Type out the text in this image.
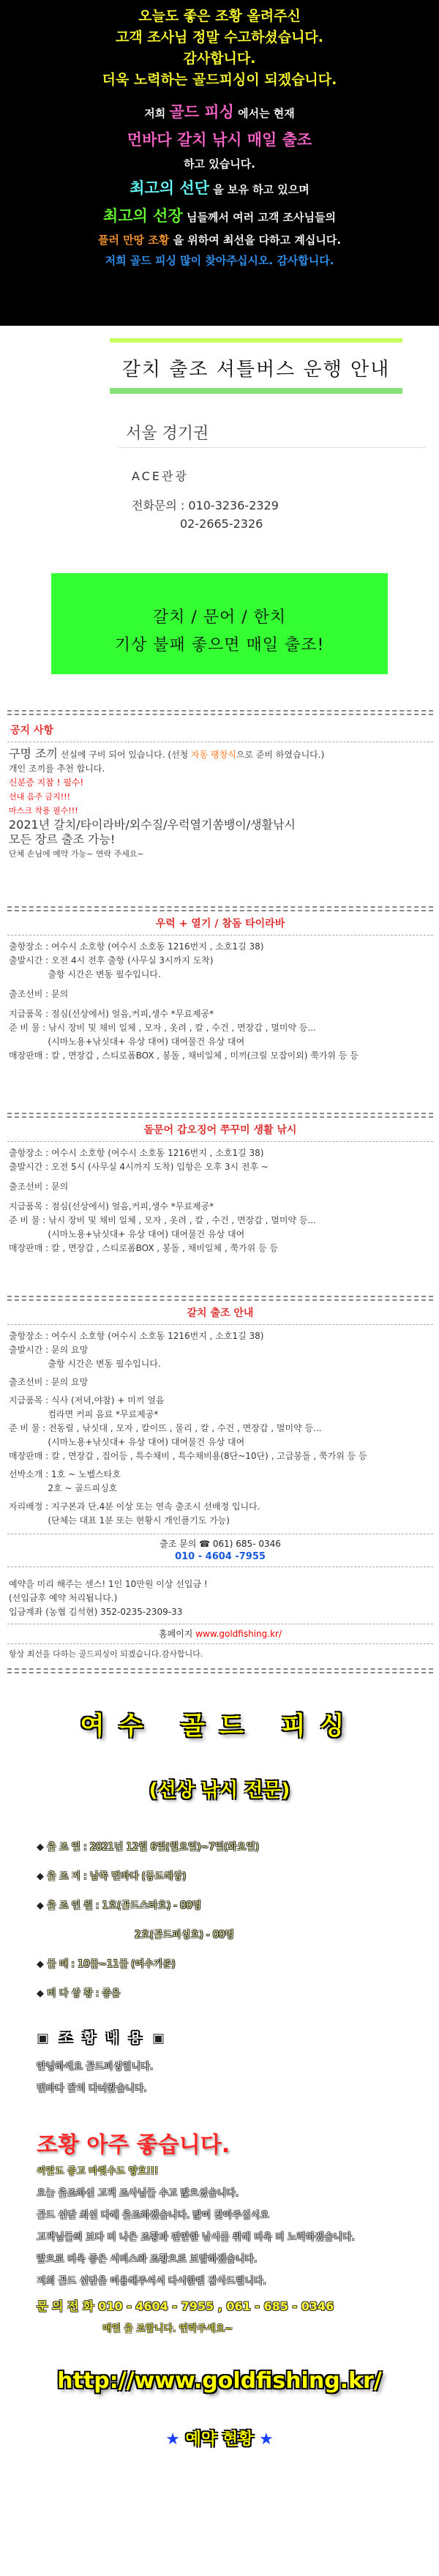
오늘도 좋은 조황 올려주신
고객 조사님 정말 수고하셨습니다.
감사합니다.
더욱 노력하는 골드피싱이 되겠습니다.
저희 골드 피싱 에서는 현재
먼바다 갈치 낚시 매일 출조
하고 있습니다.
최고의 선단 을 보유 하고 있으며
최고의 선장 님들께서 여러 고객 조사님들의
플러 만땅 조황 을 위하여 최선을 다하고 계십니다.
저희 골드 피싱 많이 찾아주십시오. 감사합니다.
갈치 출조 셔틀버스 운행 안내
서울 경기권
ACE관광
전화문의 : 010-3236-2329
02-2665-2326
갈치 / 문어 / 한치
기상 불패 좋으면 매일 출조!
공지 사항
구명 조끼 선실에 구비 되어 있습니다. (선청 자동 팽창식으로 준비 하였습니다.)
개인 조끼를 추천 합니다.
신분증 지참 ! 필수!
선내 음주 금지!!!
마스크 착용 필수!!!
2021년 갈치/타이라바/외수질/우럭열기쏨뱅이/생활낚시
모든 장르 출조 가능!
단체 손님에 예약 가능~ 연락 주세요~
우럭 + 열기 / 참돔 타이라바
출항장소 : 여수시 소호항 (여수시 소호동 1216번지 , 소호1길 38)
출발시간 : 오전 4시 전후 출항 (사무실 3시까지 도착)
출항 시간은 변동 필수입니다.
출조선비 : 문의
지급품목 : 점심(선상에서) 얼음,커피,생수 *무료제공*
준 비 물 : 낚시 장비 및 채비 일체 , 모자 , 옷려 , 칼 , 수건 , 면장갑 , 멀미약 등...
(시마노용+낚싯대+ 유상 대여) 대여물건 유상 대여
매장판매 : 칼 , 면장갑 , 스티로폼BOX , 봉돌 , 채비일체 , 미끼(크릴 모잡이외) 쭉가위 등 등
돌문어 갑오징어 쭈꾸미 생활 낚시
출항장소 : 여수시 소호항 (여수시 소호동 1216번지 , 소호1길 38)
출발시간 : 오전 5시 (사무실 4시까지 도착) 입항은 오후 3시 전후 ~
출조선비 : 문의
지급품목 : 점심(선상에서) 얼음,커피,생수 *무료제공*
준 비 물 : 낚시 장비 및 채비 일체 , 모자 , 옷려 , 칼 , 수건 , 면장갑 , 멀미약 등...
(시마노용+낚싯대+ 유상 대여) 대여물건 유상 대여
매장판매 : 칼 , 면장갑 , 스티로폼BOX , 봉돌 , 채비일체 , 쭉가위 등 등
갈치 출조 안내
출항장소 : 여수시 소호항 (여수시 소호동 1216번지 , 소호1길 38)
출발시간 : 문의 요망
출항 시간은 변동 필수입니다.
출조선비 : 문의 요망
지급품목 : 식사 (저녁,야참) + 미끼 얼음
컴라면 커피 음료 *무료제공*
준 비 물 : 전동릴 , 낚싯대 , 모자 , 칼이뜨 , 물리 , 칼 , 수건 , 면장갑 , 멀미약 등...
(시마노용+낚싯대+ 유상 대여) 대여물건 유상 대여
매장판매 : 칼 , 면장갑 , 집어등 , 특수채비 , 특수채비용(8단~10단) , 고급봉돌 , 쭉가위 등 등
선박소개 : 1호 ~ 노벨스타호
2호 ~ 골드피싱호
자리배정 : 지구본과 단.4분 이상 또는 연속 출조시 선배정 입니다.
(단체는 대표 1분 또는 현황시 개인플기도 가능)
출조 문의 ☎ 061) 685- 0346
010 - 4604 -7955
예약을 미리 해주는 센스! 1인 10만원 이상 선입금 !
(선입금후 예약 처리됩니다.)
입금계좌 (농협 김석현) 352-0235-2309-33
홈페이지 www.goldfishing.kr/
항상 최선을 다하는 골드피싱이 되겠습니다.감사합니다.
여수 골드 피싱
(선상 낚시 전문)
◆ 출 조 일 : 2021년 12월 6일(월요일)~7일(화요일)
◆ 출 조 지 : 남쪽 먼바다 (통도해상)
◆ 출 조 인 원 : 1호(골드스타호) - 00명
2호(골드피싱호) - 00명
◆ 물 때 : 10물~11물 (여수기준)
◆ 비 다 상 황 : 좋음
▣ 조 황 내 용 ▣
안녕하세요 골드피싱입니다.
먼바다 갈치 다녀왔습니다.
조황 아주 좋습니다.
씨알도 좋고 마릿수도 양호!!!
오늘 출조하신 고객 조사님들 수고 많으셨습니다.
골드 선단 최선 다해 출조하겠습니다. 많이 찾아주십시오
고객님들의 보다 더 나은 조황과 편안한 낚시를 위해 더욱 더 노력하겠습니다.
앞으로 더욱 좋은 서비스와 조황으로 보답하겠습니다.
저희 골드 선단을 이용해주셔서 다시한번 감사드립니다.
문 의 전 화 010 - 4604 - 7955 , 061 - 685 - 0346
매일 출 조합니다. 연락주세요~
http://www.goldfishing.kr/
★ 예약 현황 ★
